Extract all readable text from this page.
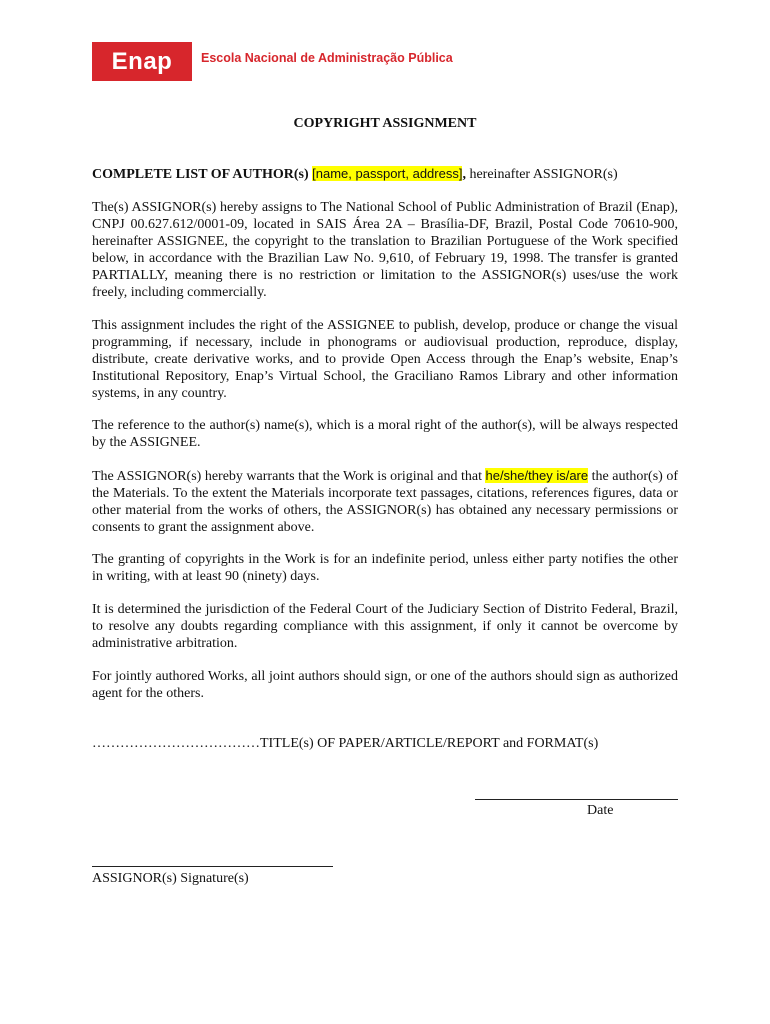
Enap Escola Nacional de Administração Pública
COPYRIGHT ASSIGNMENT

COMPLETE LIST OF AUTHOR(s) [name, passport, address], hereinafter ASSIGNOR(s)

The(s) ASSIGNOR(s) hereby assigns to The National School of Public Administration of Brazil (Enap), CNPJ 00.627.612/0001-09, located in SAIS Área 2A – Brasília-DF, Brazil, Postal Code 70610-900, hereinafter ASSIGNEE, the copyright to the translation to Brazilian Portuguese of the Work specified below, in accordance with the Brazilian Law No. 9,610, of February 19, 1998. The transfer is granted PARTIALLY, meaning there is no restriction or limitation to the ASSIGNOR(s) uses/use the work freely, including commercially.

This assignment includes the right of the ASSIGNEE to publish, develop, produce or change the visual programming, if necessary, include in phonograms or audiovisual production, reproduce, display, distribute, create derivative works, and to provide Open Access through the Enap’s website, Enap’s Institutional Repository, Enap’s Virtual School, the Graciliano Ramos Library and other information systems, in any country.

The reference to the author(s) name(s), which is a moral right of the author(s), will be always respected by the ASSIGNEE.

The ASSIGNOR(s) hereby warrants that the Work is original and that he/she/they is/are the author(s) of the Materials. To the extent the Materials incorporate text passages, citations, references figures, data or other material from the works of others, the ASSIGNOR(s) has obtained any necessary permissions or consents to grant the assignment above.

The granting of copyrights in the Work is for an indefinite period, unless either party notifies the other in writing, with at least 90 (ninety) days.

It is determined the jurisdiction of the Federal Court of the Judiciary Section of Distrito Federal, Brazil, to resolve any doubts regarding compliance with this assignment, if only it cannot be overcome by administrative arbitration.

For jointly authored Works, all joint authors should sign, or one of the authors should sign as authorized agent for the others.

………………………………TITLE(s) OF PAPER/ARTICLE/REPORT and FORMAT(s)
Date
ASSIGNOR(s) Signature(s)
